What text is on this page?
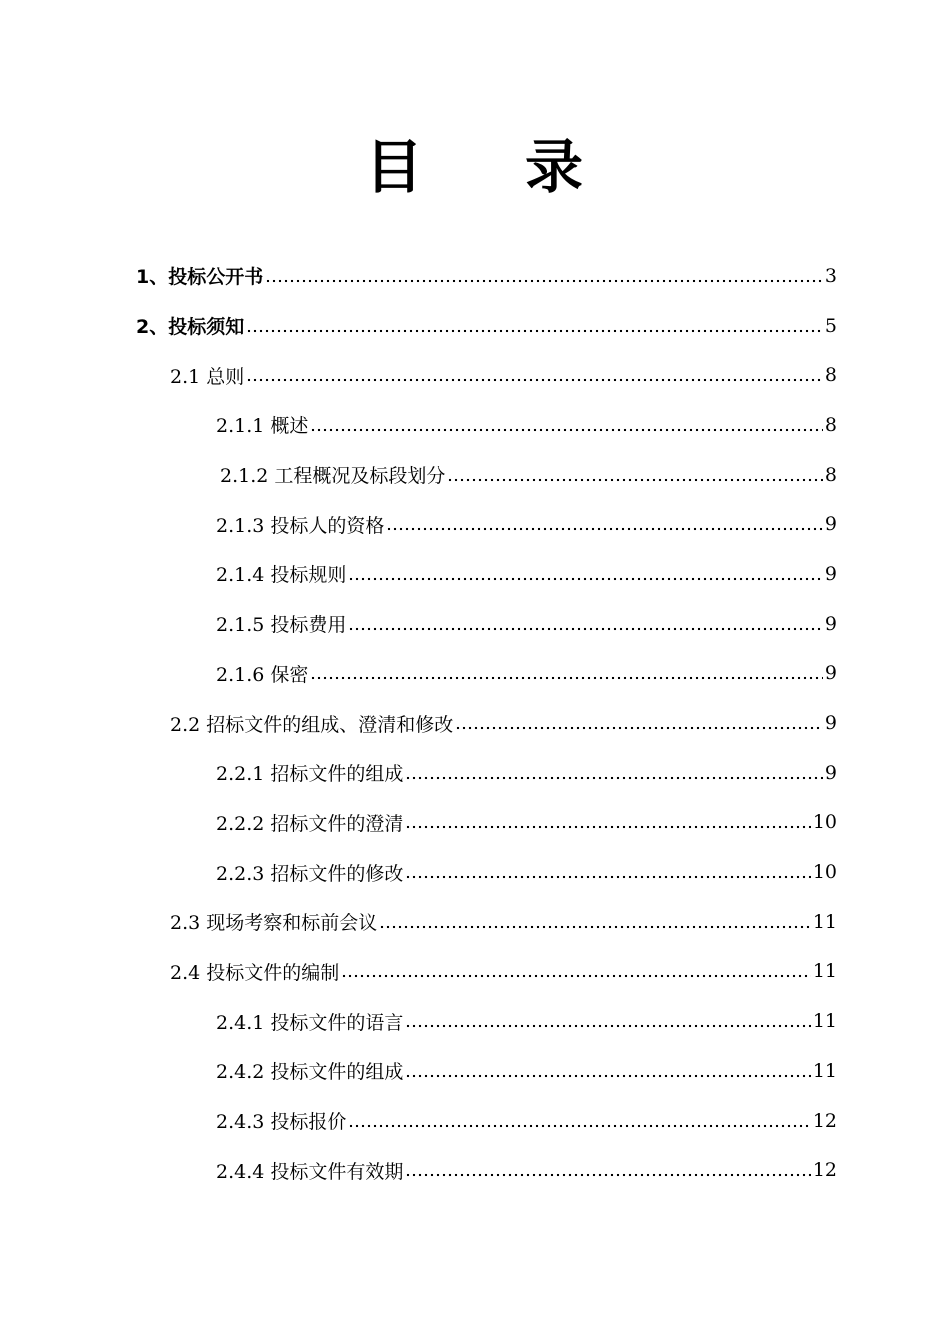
目 录
1、投标公开书	3
2、投标须知	5
2.1 总则	8
2.1.1 概述	8
2.1.2 工程概况及标段划分	8
2.1.3 投标人的资格	9
2.1.4 投标规则	9
2.1.5 投标费用	9
2.1.6 保密	9
2.2 招标文件的组成、澄清和修改	9
2.2.1 招标文件的组成	9
2.2.2 招标文件的澄清	10
2.2.3 招标文件的修改	10
2.3 现场考察和标前会议	11
2.4 投标文件的编制	11
2.4.1 投标文件的语言	11
2.4.2 投标文件的组成	11
2.4.3 投标报价	12
2.4.4 投标文件有效期	12
